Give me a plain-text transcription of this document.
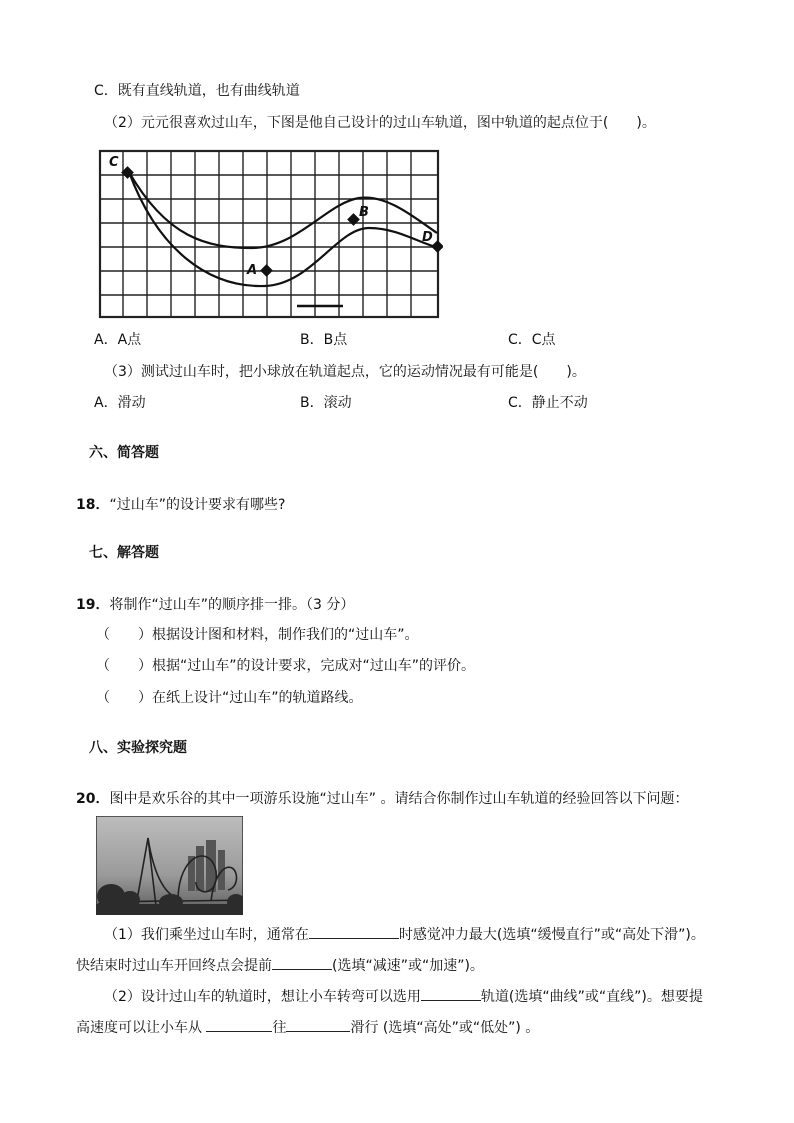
C．既有直线轨道，也有曲线轨道
（2）元元很喜欢过山车，下图是他自己设计的过山车轨道，图中轨道的起点位于(　　)。
C
B
A
D
A．A点	B．B点	C．C点
（3）测试过山车时，把小球放在轨道起点，它的运动情况最有可能是(　　)。
A．滑动	B．滚动	C．静止不动
六、简答题
18．“过山车”的设计要求有哪些?
七、解答题
19．将制作“过山车”的顺序排一排。（3 分）
（　　）根据设计图和材料，制作我们的“过山车”。
（　　）根据“过山车”的设计要求，完成对“过山车”的评价。
（　　）在纸上设计“过山车”的轨道路线。
八、实验探究题
20．图中是欢乐谷的其中一项游乐设施“过山车” 。请结合你制作过山车轨道的经验回答以下问题：
（1）我们乘坐过山车时，通常在	时感觉冲力最大(选填“缓慢直行”或“高处下滑”)。
快结束时过山车开回终点会提前	(选填“减速”或“加速”)。
（2）设计过山车的轨道时，想让小车转弯可以选用	轨道(选填“曲线”或“直线”)。想要提
高速度可以让小车从	往	滑行 (选填“高处”或“低处”) 。
